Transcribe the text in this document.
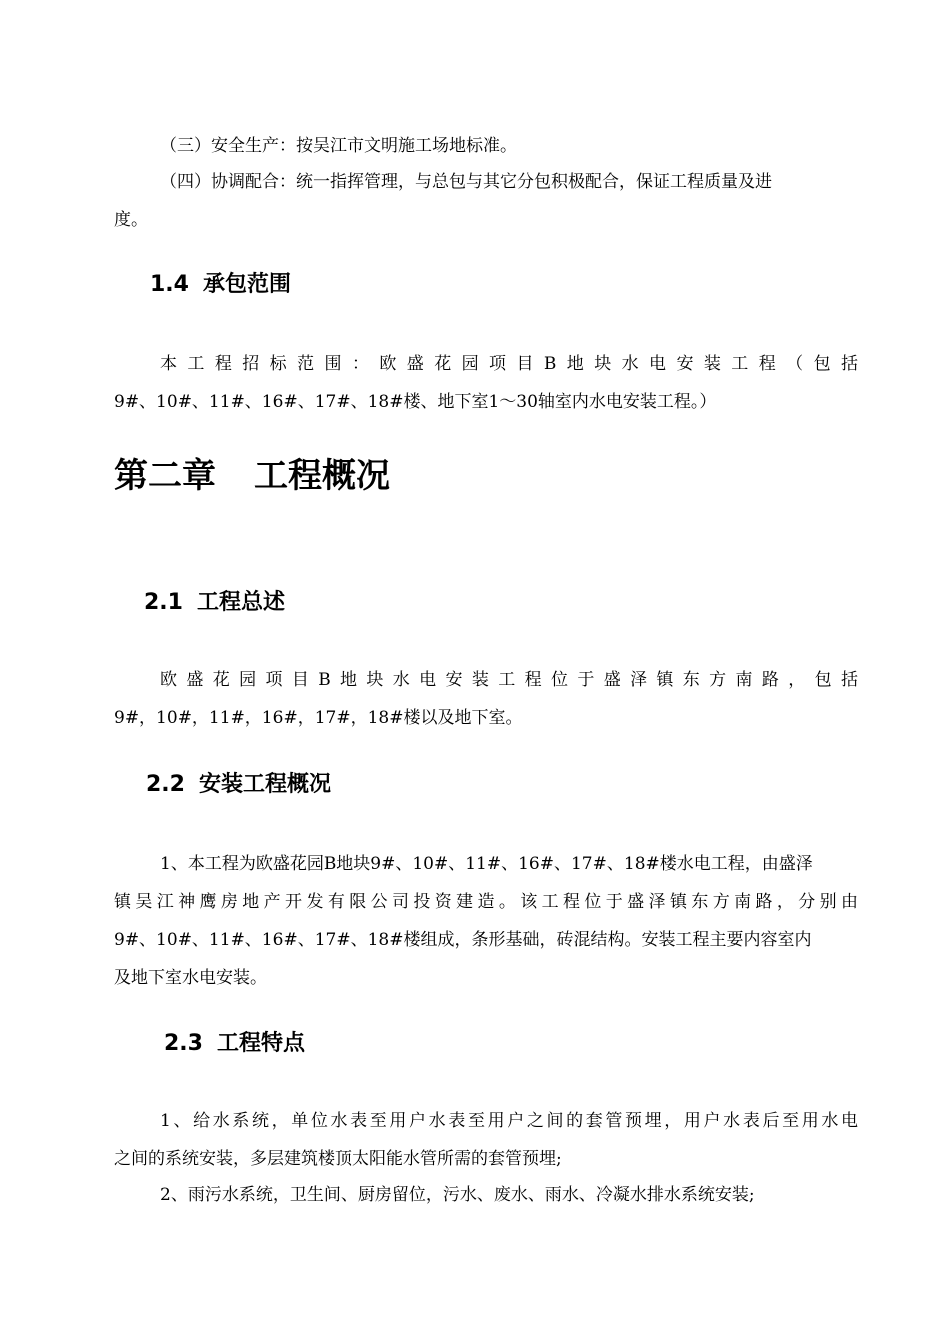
（三）安全生产：按吴江市文明施工场地标准。

（四）协调配合：统一指挥管理，与总包与其它分包积极配合，保证工程质量及进
度。

1.4 承包范围

本工程招标范围：欧盛花园项目B地块水电安装工程（包括
9#、10#、11#、16#、17#、18#楼、地下室1～30轴室内水电安装工程。）

第二章 工程概况
2.1 工程总述

欧盛花园项目B地块水电安装工程位于盛泽镇东方南路，包括
9#，10#，11#，16#，17#，18#楼以及地下室。

2.2 安装工程概况

1、本工程为欧盛花园B地块9#、10#、11#、16#、17#、18#楼水电工程，由盛泽
镇吴江神鹰房地产开发有限公司投资建造。该工程位于盛泽镇东方南路，分别由
9#、10#、11#、16#、17#、18#楼组成，条形基础，砖混结构。安装工程主要内容室内
及地下室水电安装。

2.3 工程特点

1、给水系统，单位水表至用户水表至用户之间的套管预埋，用户水表后至用水电
之间的系统安装，多层建筑楼顶太阳能水管所需的套管预埋;

2、雨污水系统，卫生间、厨房留位，污水、废水、雨水、冷凝水排水系统安装;
